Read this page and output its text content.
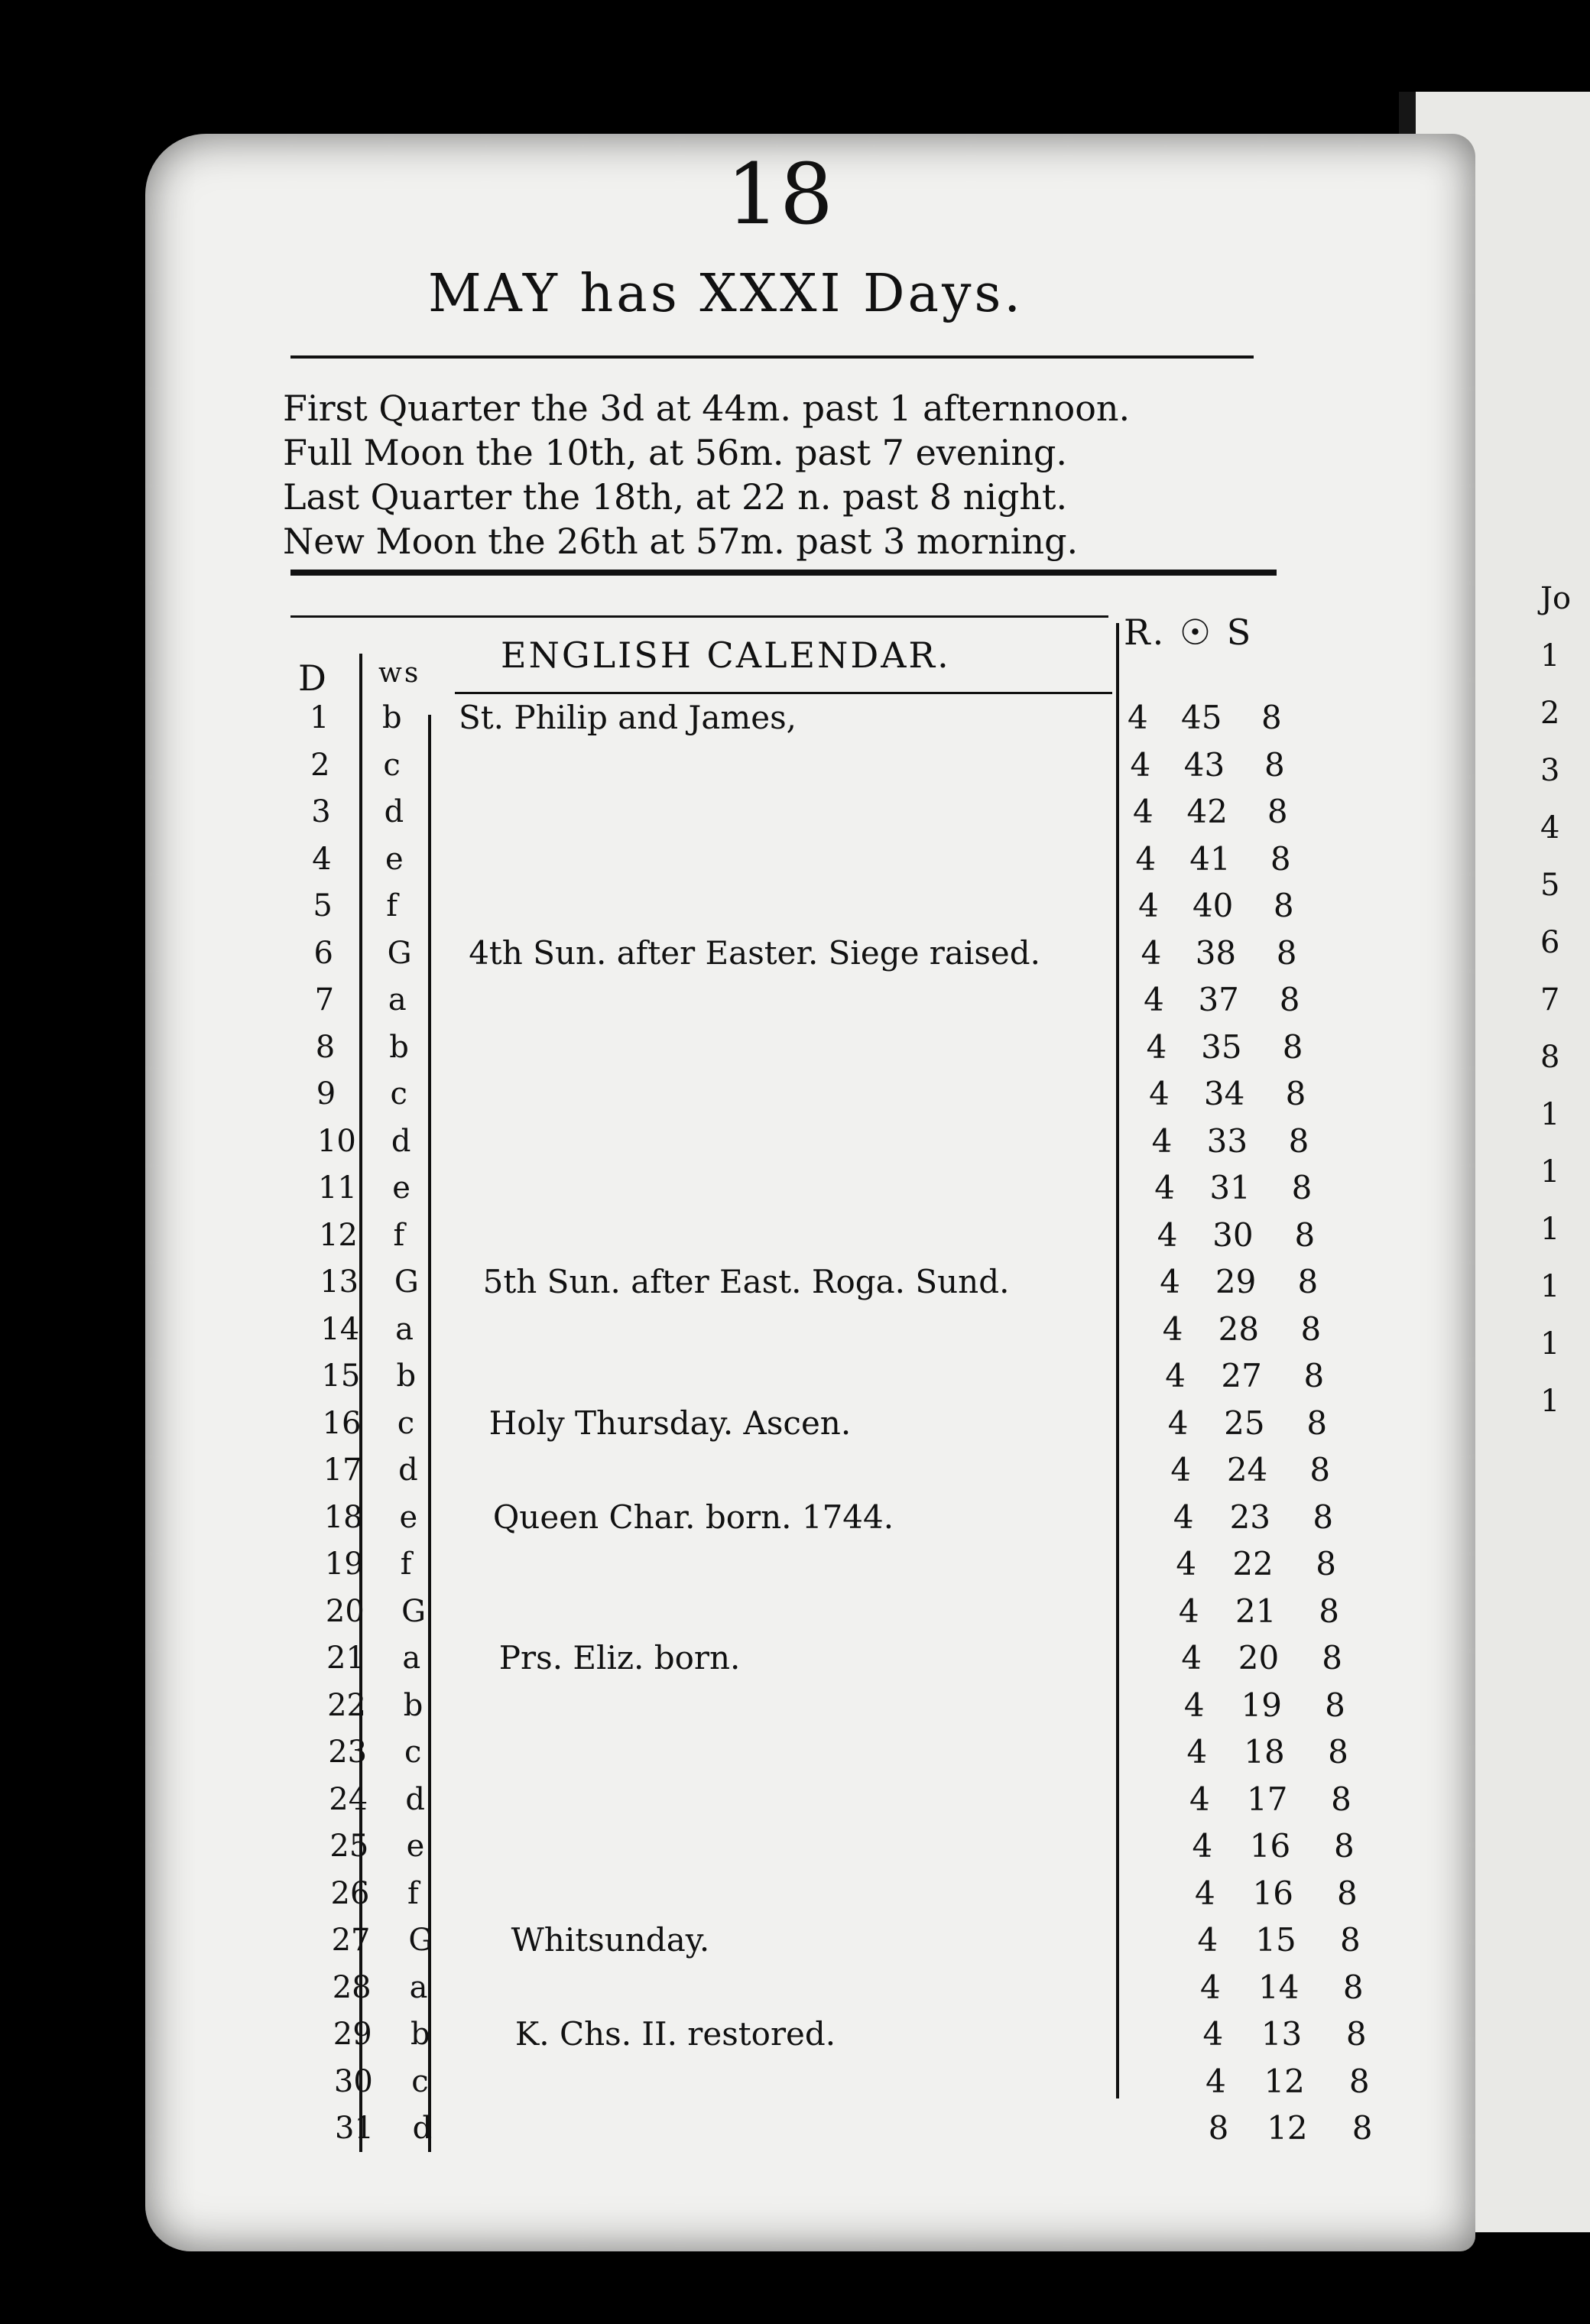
18
MAY has XXXI Days.
First Quarter the 3d at 44m. past 1 afternnoon.
Full Moon the 10th, at 56m. past 7 evening.
Last Quarter the 18th, at 22 n. past 8 night.
New Moon the 26th at 57m. past 3 morning.
D ws ENGLISH CALENDAR.
R. ☉ S
1 b St. Philip and James,	4 45 8
2 c	4 43 8
3 d	4 42 8
4 e	4 41 8
5 f	4 40 8
6 G 4th Sun. after Easter. Siege raised.	4 38 8
7 a	4 37 8
8 b	4 35 8
9 c	4 34 8
10 d	4 33 8
11 e	4 31 8
12 f	4 30 8
13 G 5th Sun. after East. Roga. Sund.	4 29 8
14 a	4 28 8
15 b	4 27 8
16 c Holy Thursday. Ascen.	4 25 8
17 d	4 24 8
18 e Queen Char. born. 1744.	4 23 8
19 f	4 22 8
20 G	4 21 8
21 a Prs. Eliz. born.	4 20 8
22 b	4 19 8
23 c	4 18 8
24 d	4 17 8
25 e	4 16 8
26 f	4 16 8
27 G Whitsunday.	4 15 8
28 a	4 14 8
29 b	K. Chs. II. restored.	4 13 8
30 c	4 12 8
31 d	8 12 8
Jo
1
2
3
4
5
6
7
8
1
1
1
1
1
1
